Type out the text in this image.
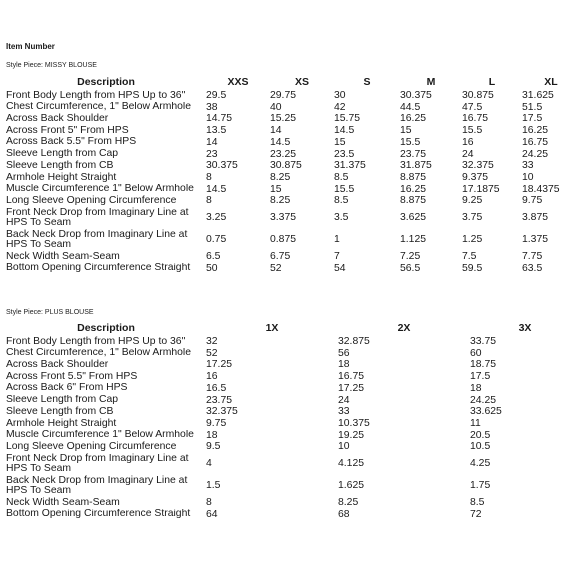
Item Number
Style Piece: MISSY BLOUSE
Description	XXS	XS	S	M	L	XL
Front Body Length from HPS Up to 36"	29.5	29.75	30	30.375	30.875	31.625
Chest Circumference, 1" Below Armhole	38	40	42	44.5	47.5	51.5
Across Back Shoulder	14.75	15.25	15.75	16.25	16.75	17.5
Across Front 5" From HPS	13.5	14	14.5	15	15.5	16.25
Across Back 5.5" From HPS	14	14.5	15	15.5	16	16.75
Sleeve Length from Cap	23	23.25	23.5	23.75	24	24.25
Sleeve Length from CB	30.375	30.875	31.375	31.875	32.375	33
Armhole Height Straight	8	8.25	8.5	8.875	9.375	10
Muscle Circumference 1" Below Armhole	14.5	15	15.5	16.25	17.1875	18.4375
Long Sleeve Opening Circumference	8	8.25	8.5	8.875	9.25	9.75
Front Neck Drop from Imaginary Line at HPS To Seam	3.25	3.375	3.5	3.625	3.75	3.875
Back Neck Drop from Imaginary Line at HPS To Seam	0.75	0.875	1	1.125	1.25	1.375
Neck Width Seam-Seam	6.5	6.75	7	7.25	7.5	7.75
Bottom Opening Circumference Straight	50	52	54	56.5	59.5	63.5
Style Piece: PLUS BLOUSE
Description	1X	2X	3X
Front Body Length from HPS Up to 36"	32	32.875	33.75
Chest Circumference, 1" Below Armhole	52	56	60
Across Back Shoulder	17.25	18	18.75
Across Front 5.5" From HPS	16	16.75	17.5
Across Back 6" From HPS	16.5	17.25	18
Sleeve Length from Cap	23.75	24	24.25
Sleeve Length from CB	32.375	33	33.625
Armhole Height Straight	9.75	10.375	11
Muscle Circumference 1" Below Armhole	18	19.25	20.5
Long Sleeve Opening Circumference	9.5	10	10.5
Front Neck Drop from Imaginary Line at HPS To Seam	4	4.125	4.25
Back Neck Drop from Imaginary Line at HPS To Seam	1.5	1.625	1.75
Neck Width Seam-Seam	8	8.25	8.5
Bottom Opening Circumference Straight	64	68	72
